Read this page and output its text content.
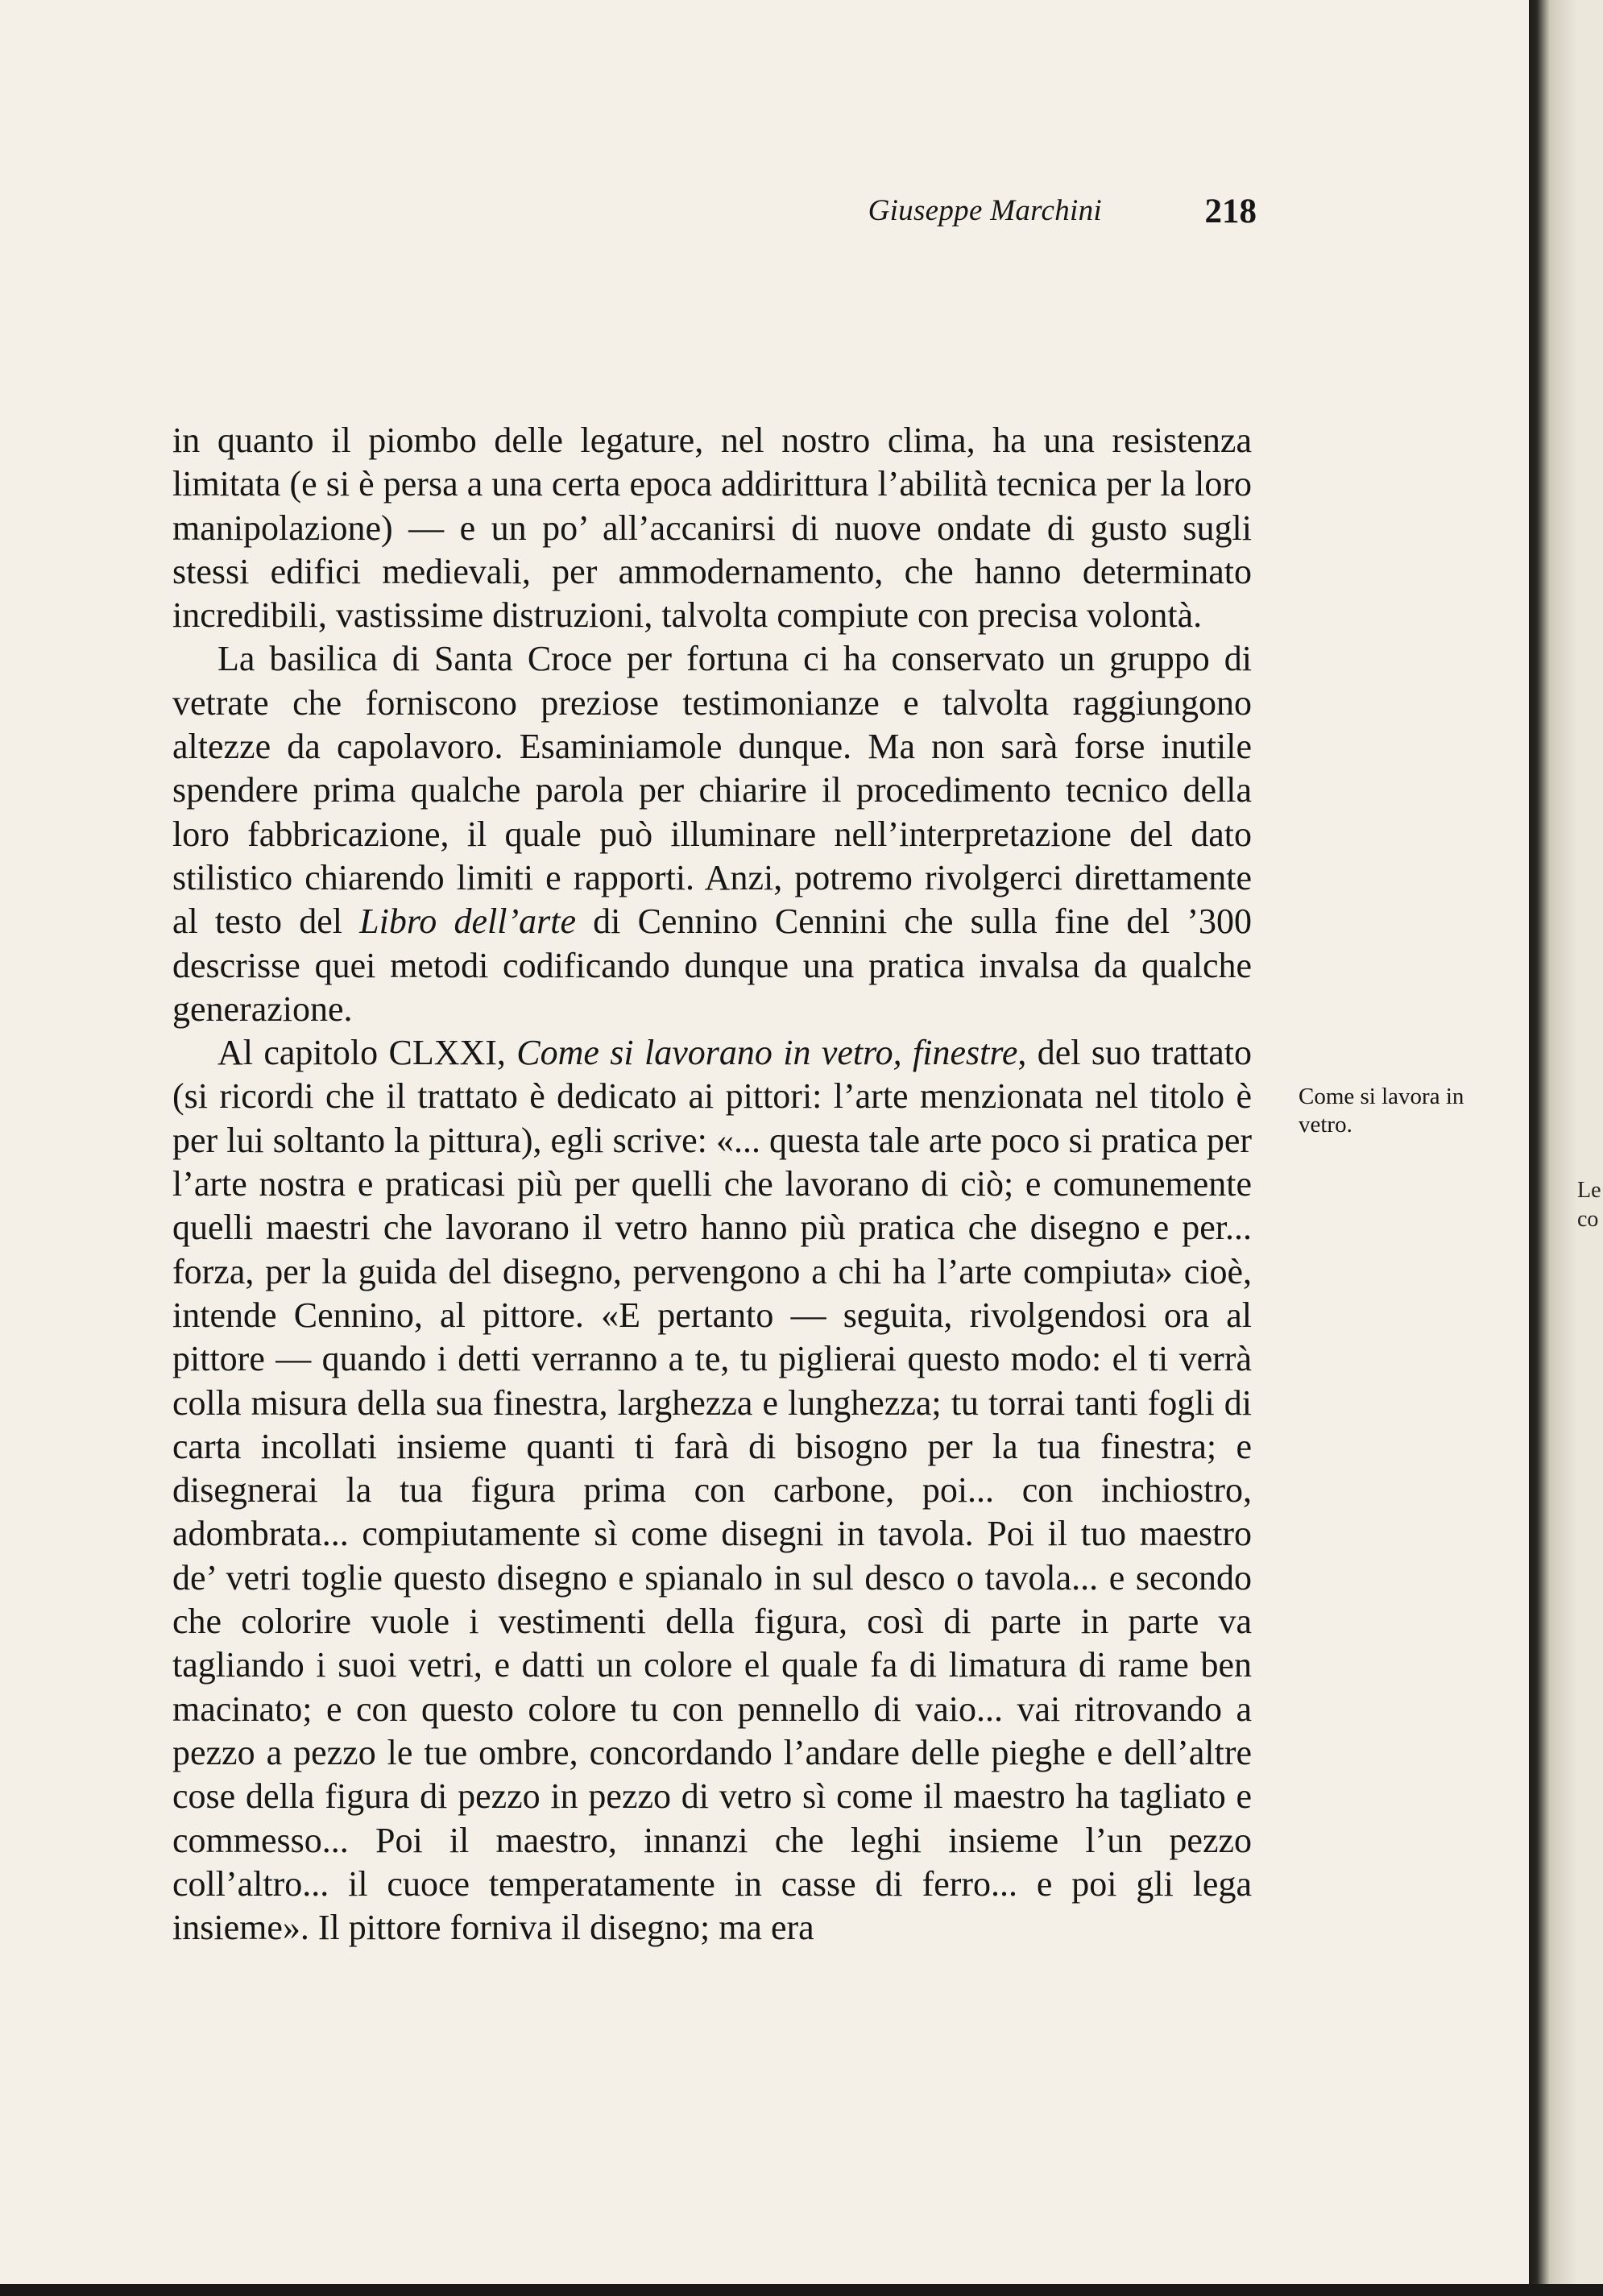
Giuseppe Marchini	218

in quanto il piombo delle legature, nel nostro clima, ha una resistenza limitata (e si è persa a una certa epoca addirittura l’abilità tecnica per la loro manipolazione) — e un po’ all’accanirsi di nuove ondate di gusto sugli stessi edifici medievali, per ammodernamento, che hanno determinato incredibili, vastissime distruzioni, talvolta compiute con precisa volontà.

La basilica di Santa Croce per fortuna ci ha conservato un gruppo di vetrate che forniscono preziose testimonianze e talvolta raggiungono altezze da capolavoro. Esaminiamole dunque. Ma non sarà forse inutile spendere prima qualche parola per chiarire il procedimento tecnico della loro fabbricazione, il quale può illuminare nell’interpretazione del dato stilistico chiarendo limiti e rapporti. Anzi, potremo rivolgerci direttamente al testo del Libro dell’arte di Cennino Cennini che sulla fine del ’300 descrisse quei metodi codificando dunque una pratica invalsa da qualche generazione.

Al capitolo CLXXI, Come si lavorano in vetro, finestre, del suo trattato (si ricordi che il trattato è dedicato ai pittori: l’arte menzionata nel titolo è per lui soltanto la pittura), egli scrive: «... questa tale arte poco si pratica per l’arte nostra e praticasi più per quelli che lavorano di ciò; e comunemente quelli maestri che lavorano il vetro hanno più pratica che disegno e per... forza, per la guida del disegno, pervengono a chi ha l’arte compiuta» cioè, intende Cennino, al pittore. «E pertanto — seguita, rivolgendosi ora al pittore — quando i detti verranno a te, tu piglierai questo modo: el ti verrà colla misura della sua finestra, larghezza e lunghezza; tu torrai tanti fogli di carta incollati insieme quanti ti farà di bisogno per la tua finestra; e disegnerai la tua figura prima con carbone, poi... con inchiostro, adombrata... compiutamente sì come disegni in tavola. Poi il tuo maestro de’ vetri toglie questo disegno e spianalo in sul desco o tavola... e secondo che colorire vuole i vestimenti della figura, così di parte in parte va tagliando i suoi vetri, e datti un colore el quale fa di limatura di rame ben macinato; e con questo colore tu con pennello di vaio... vai ritrovando a pezzo a pezzo le tue ombre, concordando l’andare delle pieghe e dell’altre cose della figura di pezzo in pezzo di vetro sì come il maestro ha tagliato e commesso... Poi il maestro, innanzi che leghi insieme l’un pezzo coll’altro... il cuoce temperatamente in casse di ferro... e poi gli lega insieme». Il pittore forniva il disegno; ma era

Come si lavora in vetro.
Le
co
